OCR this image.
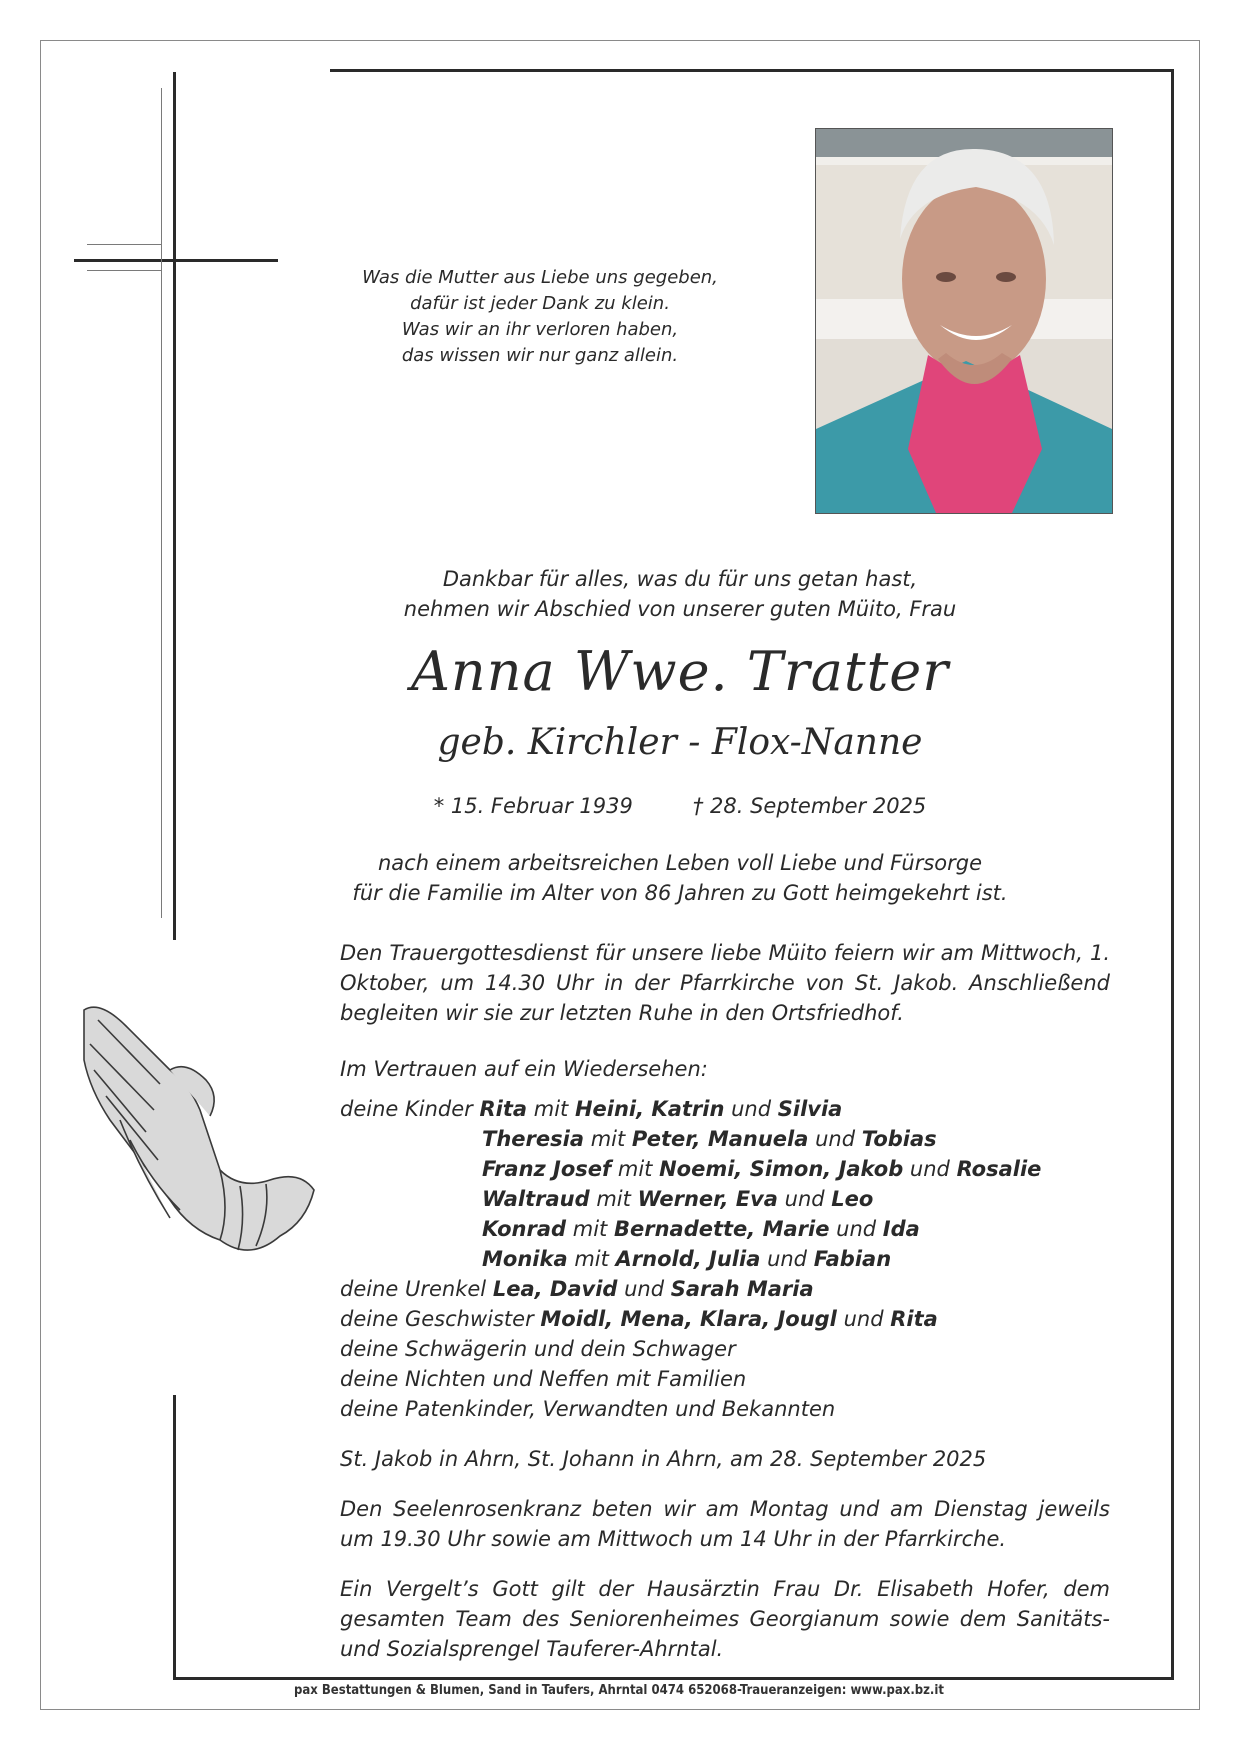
Was die Mutter aus Liebe uns gegeben,
dafür ist jeder Dank zu klein.
Was wir an ihr verloren haben,
das wissen wir nur ganz allein.
Dankbar für alles, was du für uns getan hast,
nehmen wir Abschied von unserer guten Müito, Frau
Anna Wwe. Tratter
geb. Kirchler - Flox-Nanne
* 15. Februar 1939	† 28. September 2025
nach einem arbeitsreichen Leben voll Liebe und Fürsorge
für die Familie im Alter von 86 Jahren zu Gott heimgekehrt ist.
Den Trauergottesdienst für unsere liebe Müito feiern wir am Mittwoch, 1. Oktober, um 14.30 Uhr in der Pfarrkirche von St. Jakob. Anschließend begleiten wir sie zur letzten Ruhe in den Ortsfriedhof.
Im Vertrauen auf ein Wiedersehen:
deine Kinder Rita mit Heini, Katrin und Silvia
Theresia mit Peter, Manuela und Tobias
Franz Josef mit Noemi, Simon, Jakob und Rosalie
Waltraud mit Werner, Eva und Leo
Konrad mit Bernadette, Marie und Ida
Monika mit Arnold, Julia und Fabian
deine Urenkel Lea, David und Sarah Maria
deine Geschwister Moidl, Mena, Klara, Jougl und Rita
deine Schwägerin und dein Schwager
deine Nichten und Neffen mit Familien
deine Patenkinder, Verwandten und Bekannten
St. Jakob in Ahrn, St. Johann in Ahrn, am 28. September 2025
Den Seelenrosenkranz beten wir am Montag und am Dienstag jeweils um 19.30 Uhr sowie am Mittwoch um 14 Uhr in der Pfarrkirche.
Ein Vergelt’s Gott gilt der Hausärztin Frau Dr. Elisabeth Hofer, dem gesamten Team des Seniorenheimes Georgianum sowie dem Sanitäts- und Sozialsprengel Tauferer-Ahrntal.
pax Bestattungen & Blumen, Sand in Taufers, Ahrntal 0474 652068-Traueranzeigen: www.pax.bz.it
